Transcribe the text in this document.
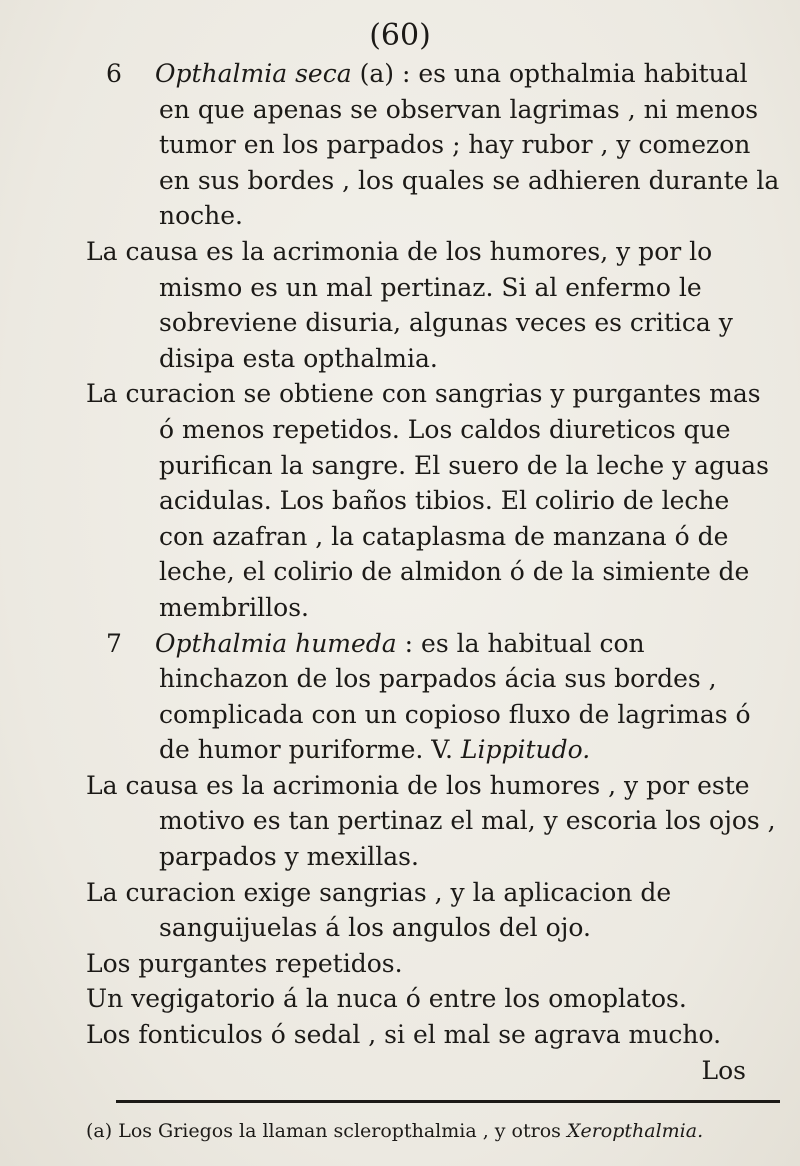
(60)

6 Opthalmia seca (a) : es una opthalmia habitual en que apenas se observan lagrimas , ni menos tumor en los parpados ; hay rubor , y comezon en sus bordes , los quales se adhieren durante la noche.

La causa es la acrimonia de los humores, y por lo mismo es un mal pertinaz. Si al enfermo le sobreviene disuria, algunas veces es critica y disipa esta opthalmia.

La curacion se obtiene con sangrias y purgantes mas ó menos repetidos. Los caldos diureticos que purifican la sangre. El suero de la leche y aguas acidulas. Los baños tibios. El colirio de leche con azafran , la cataplasma de manzana ó de leche, el colirio de almidon ó de la simiente de membrillos.

7 Opthalmia humeda : es la habitual con hinchazon de los parpados ácia sus bordes , complicada con un copioso fluxo de lagrimas ó de humor puriforme. V. Lippitudo.

La causa es la acrimonia de los humores , y por este motivo es tan pertinaz el mal, y escoria los ojos , parpados y mexillas.

La curacion exige sangrias , y la aplicacion de sanguijuelas á los angulos del ojo.

Los purgantes repetidos.

Un vegigatorio á la nuca ó entre los omoplatos.

Los fonticulos ó sedal , si el mal se agrava mucho.

Los

(a) Los Griegos la llaman scleropthalmia , y otros Xeropthalmia.
